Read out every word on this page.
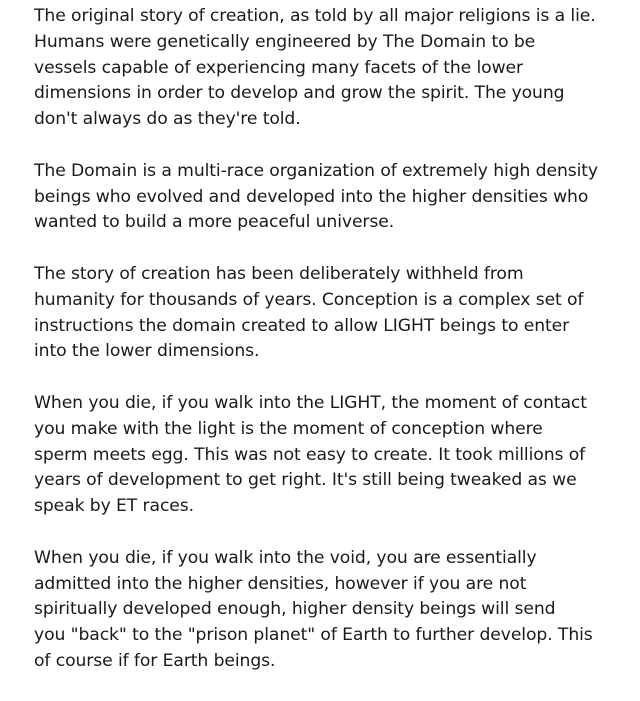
The original story of creation, as told by all major religions is a lie.
Humans were genetically engineered by The Domain to be
vessels capable of experiencing many facets of the lower
dimensions in order to develop and grow the spirit. The young
don't always do as they're told.
The Domain is a multi-race organization of extremely high density
beings who evolved and developed into the higher densities who
wanted to build a more peaceful universe.
The story of creation has been deliberately withheld from
humanity for thousands of years. Conception is a complex set of
instructions the domain created to allow LIGHT beings to enter
into the lower dimensions.
When you die, if you walk into the LIGHT, the moment of contact
you make with the light is the moment of conception where
sperm meets egg. This was not easy to create. It took millions of
years of development to get right. It's still being tweaked as we
speak by ET races.
When you die, if you walk into the void, you are essentially
admitted into the higher densities, however if you are not
spiritually developed enough, higher density beings will send
you "back" to the "prison planet" of Earth to further develop. This
of course if for Earth beings.
